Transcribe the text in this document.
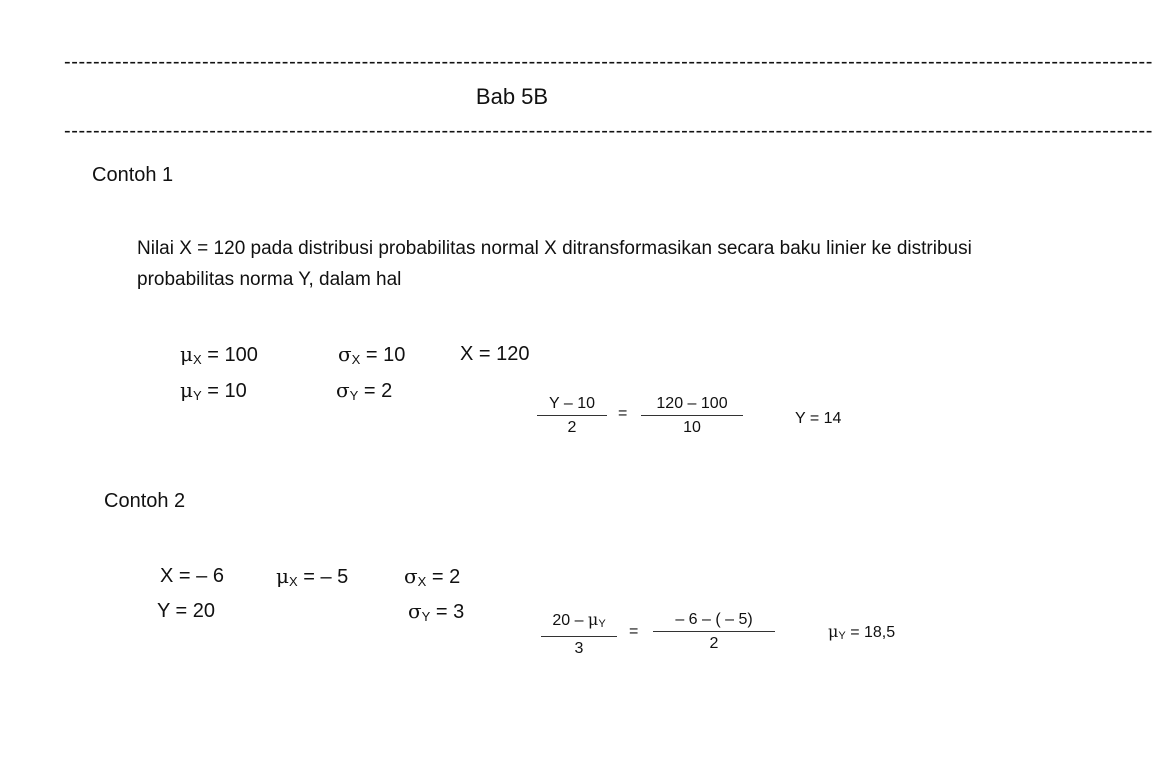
------------------------------------------------------------------------------------------------------------------------------------------------------
Bab 5B
------------------------------------------------------------------------------------------------------------------------------------------------------
Contoh 1
Nilai X = 120 pada distribusi probabilitas normal X ditransformasikan secara baku linier ke distribusi probabilitas norma Y, dalam hal
$\mu_X = 100$	$\sigma_X = 10$	X = 120
$\mu_Y = 10$	$\sigma_Y = 2$
$\frac{Y - 10}{2} = \frac{120 - 100}{10}$	Y = 14
Contoh 2
X = – 6	$\mu_X$ = – 5	$\sigma_X = 2$
Y = 20	$\sigma_Y = 3$	$\frac{20 - \mu Y}{3} = \frac{- 6 - ( - 5)}{2}$	μY = 18,5
